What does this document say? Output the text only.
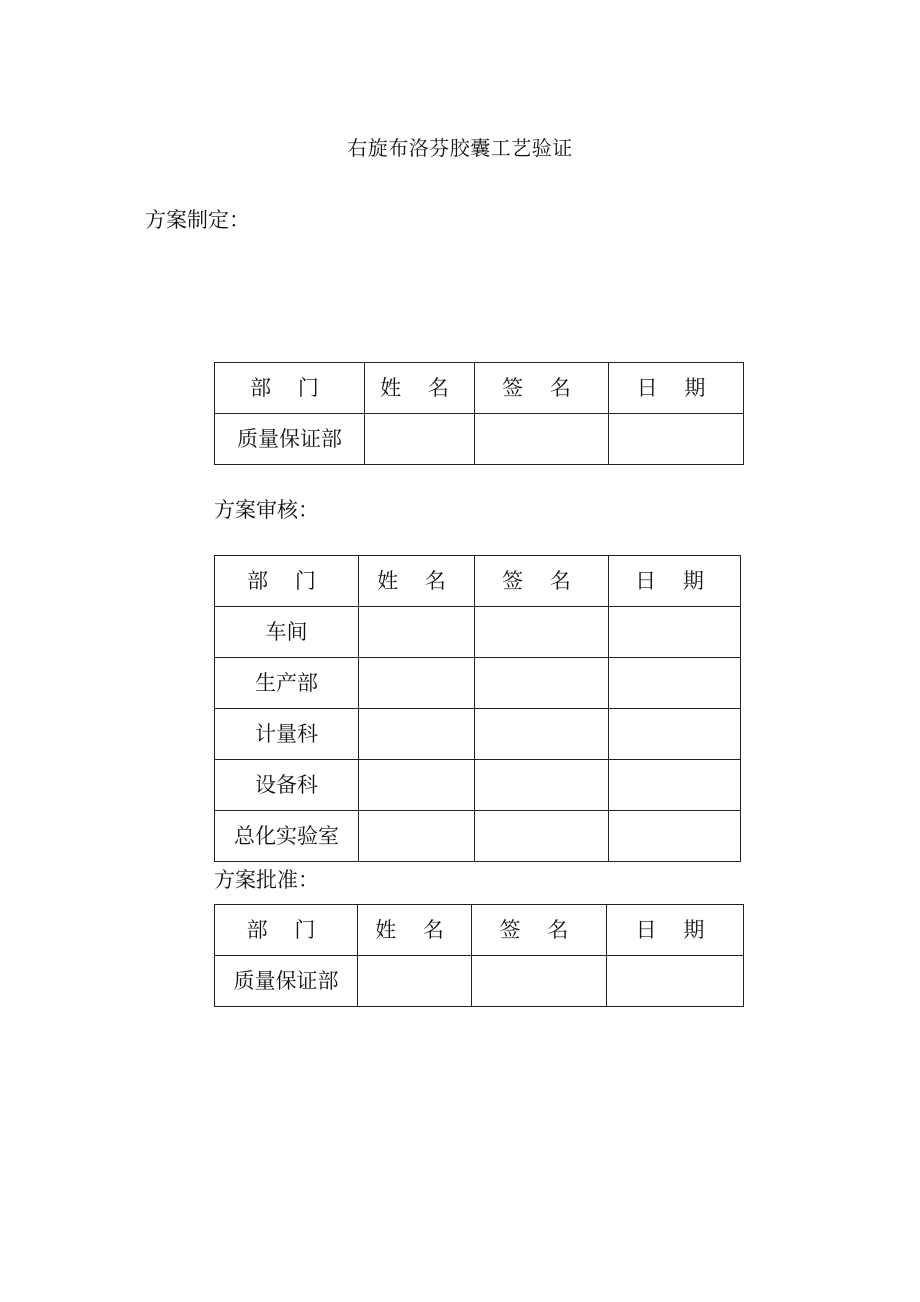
右旋布洛芬胶囊工艺验证
方案制定：
部 门	姓 名	签 名	日 期
质量保证部			
方案审核：
部 门	姓 名	签 名	日 期
车间			
生产部			
计量科			
设备科			
总化实验室			
方案批准：
部 门	姓 名	签 名	日 期
质量保证部			
